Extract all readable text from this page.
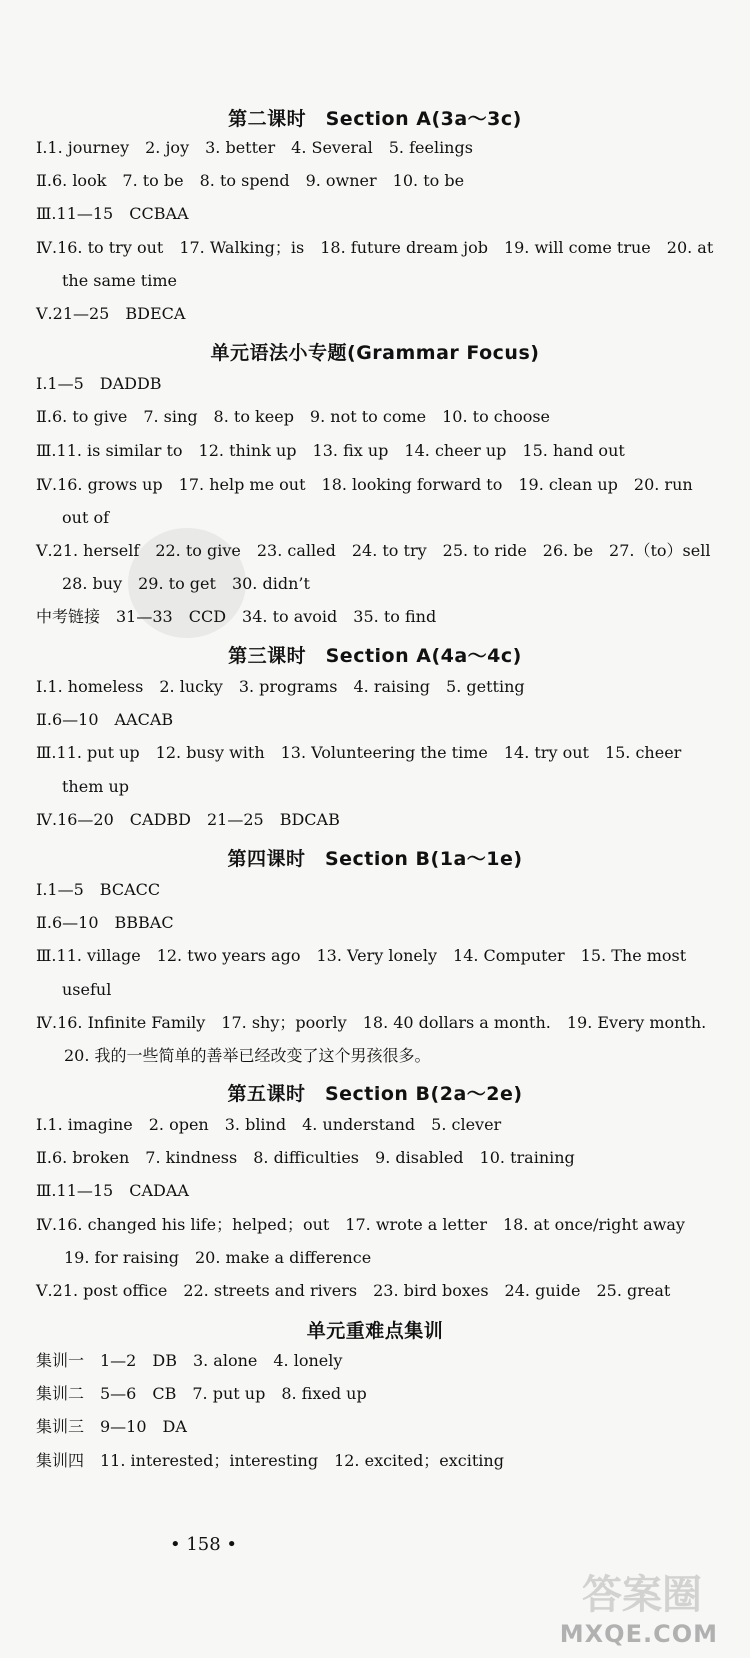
第二课时　Section A(3a～3c)
Ⅰ.1. journey　2. joy　3. better　4. Several　5. feelings
Ⅱ.6. look　7. to be　8. to spend　9. owner　10. to be
Ⅲ.11—15　CCBAA
Ⅳ.16. to try out　17. Walking；is　18. future dream job　19. will come true　20. at
the same time
Ⅴ.21—25　BDECA
单元语法小专题(Grammar Focus)
Ⅰ.1—5　DADDB
Ⅱ.6. to give　7. sing　8. to keep　9. not to come　10. to choose
Ⅲ.11. is similar to　12. think up　13. fix up　14. cheer up　15. hand out
Ⅳ.16. grows up　17. help me out　18. looking forward to　19. clean up　20. run
out of
Ⅴ.21. herself　22. to give　23. called　24. to try　25. to ride　26. be　27.（to）sell
28. buy　29. to get　30. didn’t
中考链接　31—33　CCD　34. to avoid　35. to find
第三课时　Section A(4a～4c)
Ⅰ.1. homeless　2. lucky　3. programs　4. raising　5. getting
Ⅱ.6—10　AACAB
Ⅲ.11. put up　12. busy with　13. Volunteering the time　14. try out　15. cheer
them up
Ⅳ.16—20　CADBD　21—25　BDCAB
第四课时　Section B(1a～1e)
Ⅰ.1—5　BCACC
Ⅱ.6—10　BBBAC
Ⅲ.11. village　12. two years ago　13. Very lonely　14. Computer　15. The most
useful
Ⅳ.16. Infinite Family　17. shy；poorly　18. 40 dollars a month.　19. Every month.
20. 我的一些简单的善举已经改变了这个男孩很多。
第五课时　Section B(2a～2e)
Ⅰ.1. imagine　2. open　3. blind　4. understand　5. clever
Ⅱ.6. broken　7. kindness　8. difficulties　9. disabled　10. training
Ⅲ.11—15　CADAA
Ⅳ.16. changed his life；helped；out　17. wrote a letter　18. at once/right away
19. for raising　20. make a difference
Ⅴ.21. post office　22. streets and rivers　23. bird boxes　24. guide　25. great
单元重难点集训
集训一　1—2　DB　3. alone　4. lonely
集训二　5—6　CB　7. put up　8. fixed up
集训三　9—10　DA
集训四　11. interested；interesting　12. excited；exciting
• 158 •
答案圈
MXQE.COM
